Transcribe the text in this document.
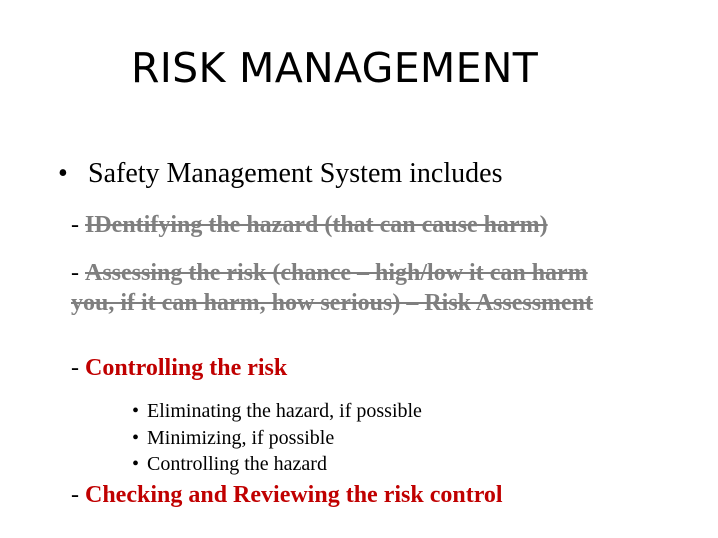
RISK MANAGEMENT
• Safety Management System includes
- IDentifying the hazard (that can cause harm)
- Assessing the risk (chance – high/low it can harm
you, if it can harm, how serious) – Risk Assessment
- Controlling the risk
• Eliminating the hazard, if possible
• Minimizing, if possible
• Controlling the hazard
- Checking and Reviewing the risk control
